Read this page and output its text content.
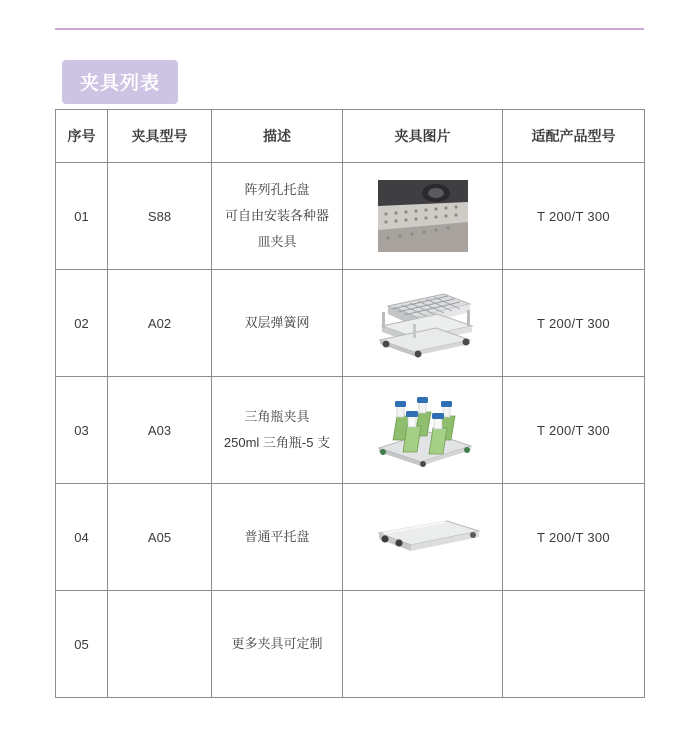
夹具列表
序号	夹具型号	描述	夹具图片	适配产品型号
01	S88	阵列孔托盘
可自由安装各种器
皿夹具		T 200/T 300
02	A02	双层弹簧网		T 200/T 300
03	A03	三角瓶夹具
250ml 三角瓶-5 支		T 200/T 300
04	A05	普通平托盘		T 200/T 300
05		更多夹具可定制		
